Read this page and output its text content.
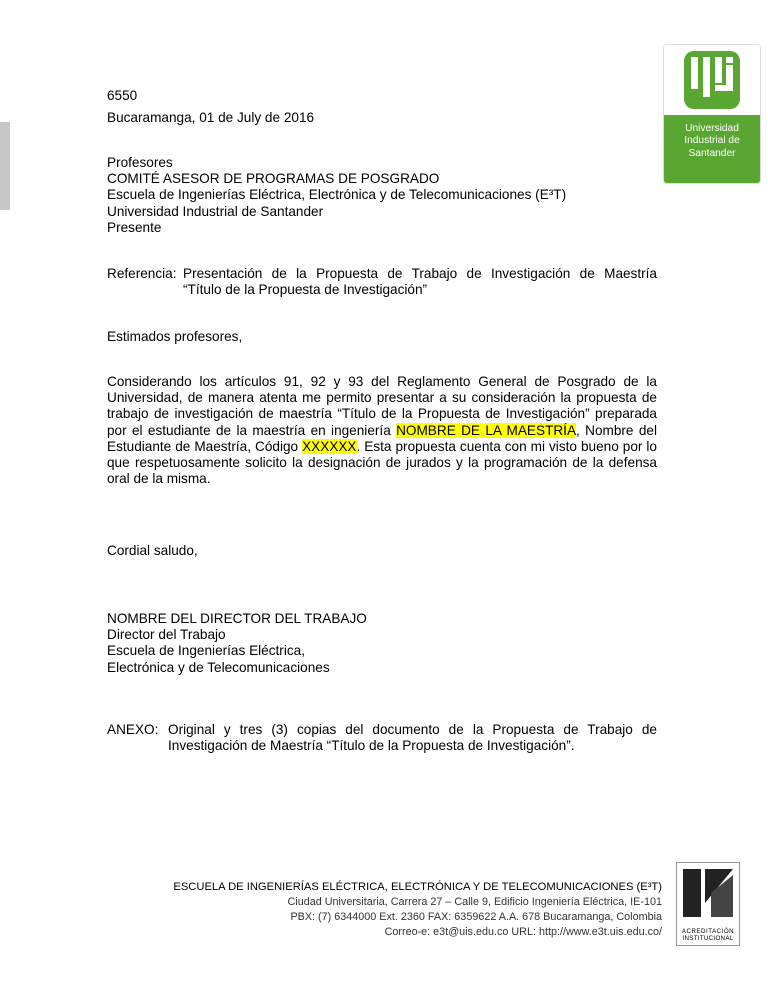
Universidad
Industrial de
Santander
6550
Bucaramanga, 01 de July de 2016
Profesores
COMITÉ ASESOR DE PROGRAMAS DE POSGRADO
Escuela de Ingenierías Eléctrica, Electrónica y de Telecomunicaciones (E³T)
Universidad Industrial de Santander
Presente
Referencia: Presentación de la Propuesta de Trabajo de Investigación de Maestría
“Título de la Propuesta de Investigación”
Estimados profesores,
Considerando los artículos 91, 92 y 93 del Reglamento General de Posgrado de la Universidad, de manera atenta me permito presentar a su consideración la propuesta de trabajo de investigación de maestría “Título de la Propuesta de Investigación” preparada por el estudiante de la maestría en ingeniería NOMBRE DE LA MAESTRÍA, Nombre del Estudiante de Maestría, Código XXXXXX. Esta propuesta cuenta con mi visto bueno por lo que respetuosamente solicito la designación de jurados y la programación de la defensa oral de la misma.
Cordial saludo,
NOMBRE DEL DIRECTOR DEL TRABAJO
Director del Trabajo
Escuela de Ingenierías Eléctrica,
Electrónica y de Telecomunicaciones
ANEXO: Original y tres (3) copias del documento de la Propuesta de Trabajo de Investigación de Maestría “Título de la Propuesta de Investigación”.
ESCUELA DE INGENIERÍAS ELÉCTRICA, ELECTRÓNICA Y DE TELECOMUNICACIONES (E³T)
Ciudad Universitaria, Carrera 27 – Calle 9, Edificio Ingeniería Eléctrica, IE-101
PBX: (7) 6344000 Ext. 2360 FAX: 6359622 A.A. 678 Bucaramanga, Colombia
Correo-e: e3t@uis.edu.co URL: http://www.e3t.uis.edu.co/	ACREDITACIÓN
INSTITUCIONAL
